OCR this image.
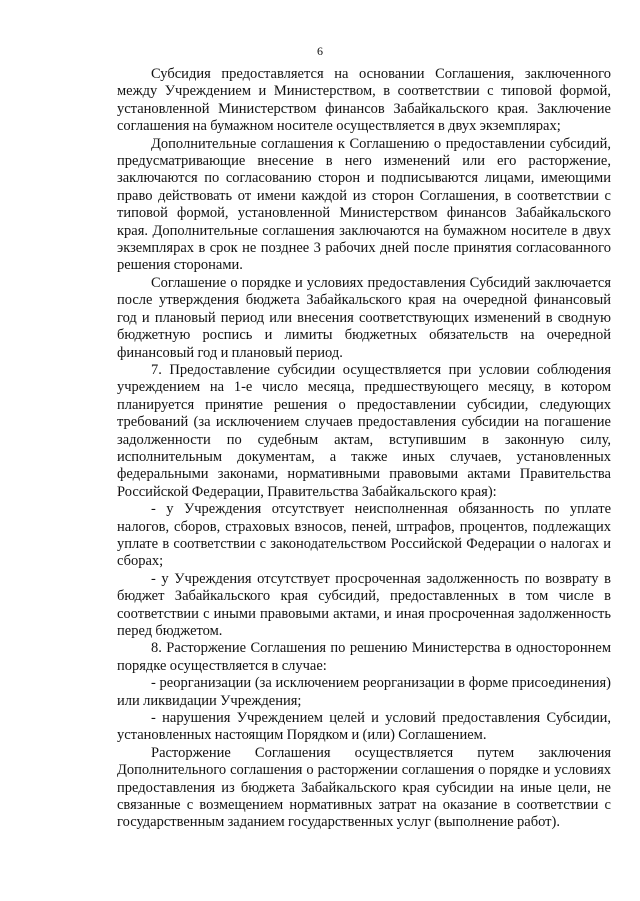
6

Субсидия предоставляется на основании Соглашения, заключенного между Учреждением и Министерством, в соответствии с типовой формой, установленной Министерством финансов Забайкальского края. Заключение соглашения на бумажном носителе осуществляется в двух экземплярах;

Дополнительные соглашения к Соглашению о предоставлении субсидий, предусматривающие внесение в него изменений или его расторжение, заключаются по согласованию сторон и подписываются лицами, имеющими право действовать от имени каждой из сторон Соглашения, в соответствии с типовой формой, установленной Министерством финансов Забайкальского края. Дополнительные соглашения заключаются на бумажном носителе в двух экземплярах в срок не позднее 3 рабочих дней после принятия согласованного решения сторонами.

Соглашение о порядке и условиях предоставления Субсидий заключается после утверждения бюджета Забайкальского края на очередной финансовый год и плановый период или внесения соответствующих изменений в сводную бюджетную роспись и лимиты бюджетных обязательств на очередной финансовый год и плановый период.

7. Предоставление субсидии осуществляется при условии соблюдения учреждением на 1-е число месяца, предшествующего месяцу, в котором планируется принятие решения о предоставлении субсидии, следующих требований (за исключением случаев предоставления субсидии на погашение задолженности по судебным актам, вступившим в законную силу, исполнительным документам, а также иных случаев, установленных федеральными законами, нормативными правовыми актами Правительства Российской Федерации, Правительства Забайкальского края):

- у Учреждения отсутствует неисполненная обязанность по уплате налогов, сборов, страховых взносов, пеней, штрафов, процентов, подлежащих уплате в соответствии с законодательством Российской Федерации о налогах и сборах;

- у Учреждения отсутствует просроченная задолженность по возврату в бюджет Забайкальского края субсидий, предоставленных в том числе в соответствии с иными правовыми актами, и иная просроченная задолженность перед бюджетом.

8. Расторжение Соглашения по решению Министерства в одностороннем порядке осуществляется в случае:

- реорганизации (за исключением реорганизации в форме присоединения) или ликвидации Учреждения;

- нарушения Учреждением целей и условий предоставления Субсидии, установленных настоящим Порядком и (или) Соглашением.

Расторжение Соглашения осуществляется путем заключения Дополнительного соглашения о расторжении соглашения о порядке и условиях предоставления из бюджета Забайкальского края субсидии на иные цели, не связанные с возмещением нормативных затрат на оказание в соответствии с государственным заданием государственных услуг (выполнение работ).
